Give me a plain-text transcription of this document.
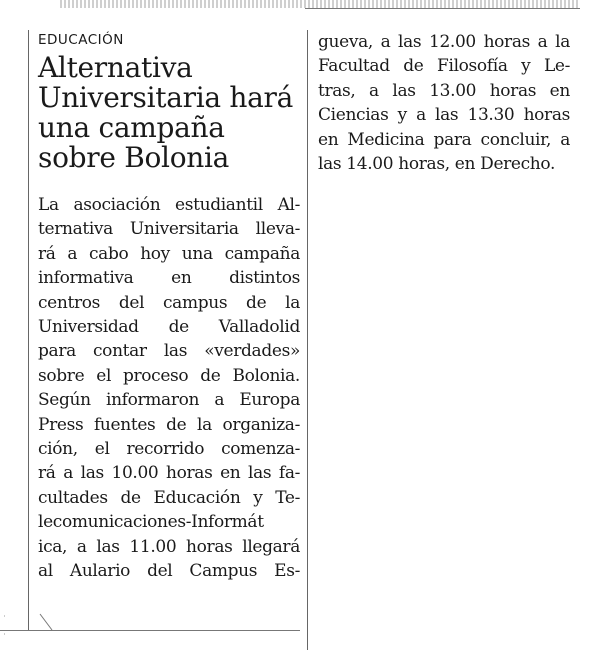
EDUCACIÓN
Alternativa
Universitaria hará
una campaña
sobre Bolonia

La asociación estudiantil Al-
ternativa Universitaria lleva-
rá a cabo hoy una campaña
informativa en distintos
centros del campus de la
Universidad de Valladolid
para contar las «verdades»
sobre el proceso de Bolonia.
Según informaron a Europa
Press fuentes de la organiza-
ción, el recorrido comenza-
rá a las 10.00 horas en las fa-
cultades de Educación y Te-
lecomunicaciones-Informát
ica, a las 11.00 horas llegará
al Aulario del Campus Es-

gueva, a las 12.00 horas a la
Facultad de Filosofía y Le-
tras, a las 13.00 horas en
Ciencias y a las 13.30 horas
en Medicina para concluir, a
las 14.00 horas, en Derecho.
